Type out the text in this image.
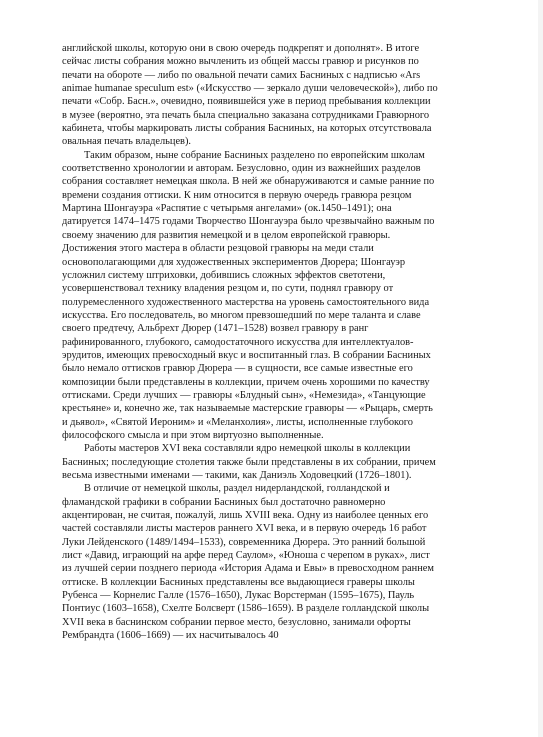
английской школы, которую они в свою очередь подкрепят и дополнят». В итоге сейчас листы собрания можно вычленить из общей массы гравюр и рисунков по печати на обороте — либо по овальной печати самих Басниных с надписью «Ars animae humanae speculum est» («Искусство — зеркало души человеческой»), либо по печати «Собр. Басн.», очевидно, появившейся уже в период пребывания коллекции в музее (вероятно, эта печать была специально заказана сотрудниками Гравюрного кабинета, чтобы маркировать листы собрания Басниных, на которых отсутствовала овальная печать владельцев).

Таким образом, ныне собрание Басниных разделено по европейским школам соответственно хронологии и авторам. Безусловно, один из важнейших разделов собрания составляет немецкая школа. В ней же обнаруживаются и самые ранние по времени создания оттиски. К ним относится в первую очередь гравюра резцом Мартина Шонгауэра «Распятие с четырьмя ангелами» (ок.1450–1491); она датируется 1474–1475 годами Творчество Шонгауэра было чрезвычайно важным по своему значению для развития немецкой и в целом европейской гравюры. Достижения этого мастера в области резцовой гравюры на меди стали основополагающими для художественных экспериментов Дюрера; Шонгауэр усложнил систему штриховки, добившись сложных эффектов светотени, усовершенствовал технику владения резцом и, по сути, поднял гравюру от полуремесленного художественного мастерства на уровень самостоятельного вида искусства. Его последователь, во многом превзошедший по мере таланта и славе своего предтечу, Альбрехт Дюрер (1471–1528) возвел гравюру в ранг рафинированного, глубокого, самодостаточного искусства для интеллектуалов-эрудитов, имеющих превосходный вкус и воспитанный глаз. В собрании Басниных было немало оттисков гравюр Дюрера — в сущности, все самые известные его композиции были представлены в коллекции, причем очень хорошими по качеству оттисками. Среди лучших — гравюры «Блудный сын», «Немезида», «Танцующие крестьяне» и, конечно же, так называемые мастерские гравюры — «Рыцарь, смерть и дьявол», «Святой Иероним» и «Меланхолия», листы, исполненные глубокого философского смысла и при этом виртуозно выполненные.

Работы мастеров XVI века составляли ядро немецкой школы в коллекции Басниных; последующие столетия также были представлены в их собрании, причем весьма известными именами — такими, как Даниэль Ходовецкий (1726–1801).

В отличие от немецкой школы, раздел нидерландской, голландской и фламандской графики в собрании Басниных был достаточно равномерно акцентирован, не считая, пожалуй, лишь XVIII века. Одну из наиболее ценных его частей составляли листы мастеров раннего XVI века, и в первую очередь 16 работ Луки Лейденского (1489/1494–1533), современника Дюрера. Это ранний большой лист «Давид, играющий на арфе перед Саулом», «Юноша с черепом в руках», лист из лучшей серии позднего периода «История Адама и Евы» в превосходном раннем оттиске. В коллекции Басниных представлены все выдающиеся граверы школы Рубенса — Корнелис Галле (1576–1650), Лукас Ворстерман (1595–1675), Пауль Понтиус (1603–1658), Схелте Болсверт (1586–1659). В разделе голландской школы XVII века в баснинском собрании первое место, безусловно, занимали офорты Рембрандта (1606–1669) — их насчитывалось 40
